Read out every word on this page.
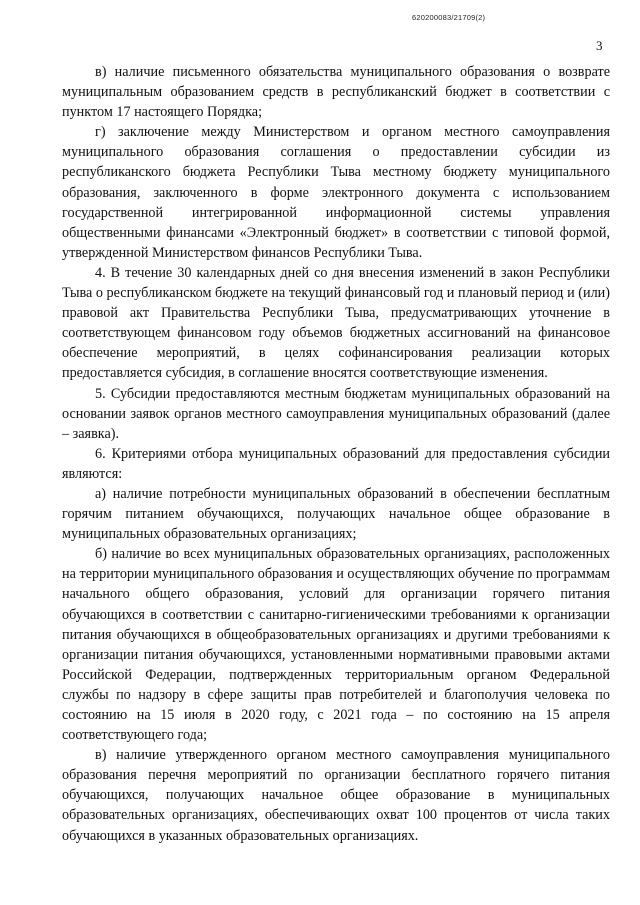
620200083/21709(2)
3

в) наличие письменного обязательства муниципального образования о возврате муниципальным образованием средств в республиканский бюджет в соответствии с пунктом 17 настоящего Порядка;

г) заключение между Министерством и органом местного самоуправления муниципального образования соглашения о предоставлении субсидии из республиканского бюджета Республики Тыва местному бюджету муниципального образования, заключенного в форме электронного документа с использованием государственной интегрированной информационной системы управления общественными финансами «Электронный бюджет» в соответствии с типовой формой, утвержденной Министерством финансов Республики Тыва.

4. В течение 30 календарных дней со дня внесения изменений в закон Республики Тыва о республиканском бюджете на текущий финансовый год и плановый период и (или) правовой акт Правительства Республики Тыва, предусматривающих уточнение в соответствующем финансовом году объемов бюджетных ассигнований на финансовое обеспечение мероприятий, в целях софинансирования реализации которых предоставляется субсидия, в соглашение вносятся соответствующие изменения.

5. Субсидии предоставляются местным бюджетам муниципальных образований на основании заявок органов местного самоуправления муниципальных образований (далее – заявка).

6. Критериями отбора муниципальных образований для предоставления субсидии являются:

а) наличие потребности муниципальных образований в обеспечении бесплатным горячим питанием обучающихся, получающих начальное общее образование в муниципальных образовательных организациях;

б) наличие во всех муниципальных образовательных организациях, расположенных на территории муниципального образования и осуществляющих обучение по программам начального общего образования, условий для организации горячего питания обучающихся в соответствии с санитарно-гигиеническими требованиями к организации питания обучающихся в общеобразовательных организациях и другими требованиями к организации питания обучающихся, установленными нормативными правовыми актами Российской Федерации, подтвержденных территориальным органом Федеральной службы по надзору в сфере защиты прав потребителей и благополучия человека по состоянию на 15 июля в 2020 году, с 2021 года – по состоянию на 15 апреля соответствующего года;

в) наличие утвержденного органом местного самоуправления муниципального образования перечня мероприятий по организации бесплатного горячего питания обучающихся, получающих начальное общее образование в муниципальных образовательных организациях, обеспечивающих охват 100 процентов от числа таких обучающихся в указанных образовательных организациях.
